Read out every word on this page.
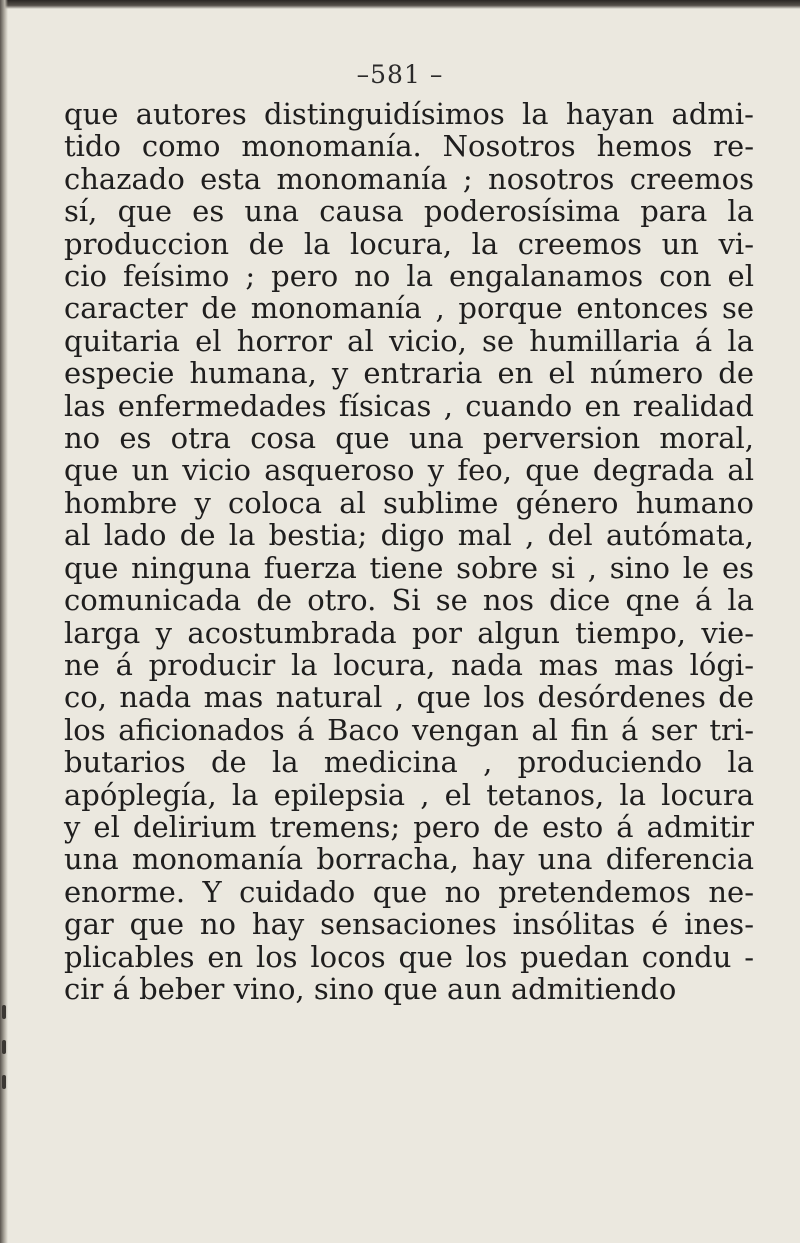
–581 –
que autores distinguidísimos la hayan admi-
tido como monomanía. Nosotros hemos re-
chazado esta monomanía ; nosotros creemos
sí, que es una causa poderosísima para la
produccion de la locura, la creemos un vi-
cio feísimo ; pero no la engalanamos con el
caracter de monomanía , porque entonces se
quitaria el horror al vicio, se humillaria á la
especie humana, y entraria en el número de
las enfermedades físicas , cuando en realidad
no es otra cosa que una perversion moral,
que un vicio asqueroso y feo, que degrada al
hombre y coloca al sublime género humano
al lado de la bestia; digo mal , del autómata,
que ninguna fuerza tiene sobre si , sino le es
comunicada de otro. Si se nos dice qne á la
larga y acostumbrada por algun tiempo, vie-
ne á producir la locura, nada mas mas lógi-
co, nada mas natural , que los desórdenes de
los aficionados á Baco vengan al fin á ser tri-
butarios de la medicina , produciendo la
apóplegía, la epilepsia , el tetanos, la locura
y el delirium tremens; pero de esto á admitir
una monomanía borracha, hay una diferencia
enorme. Y cuidado que no pretendemos ne-
gar que no hay sensaciones insólitas é ines-
plicables en los locos que los puedan condu -
cir á beber vino, sino que aun admitiendo
